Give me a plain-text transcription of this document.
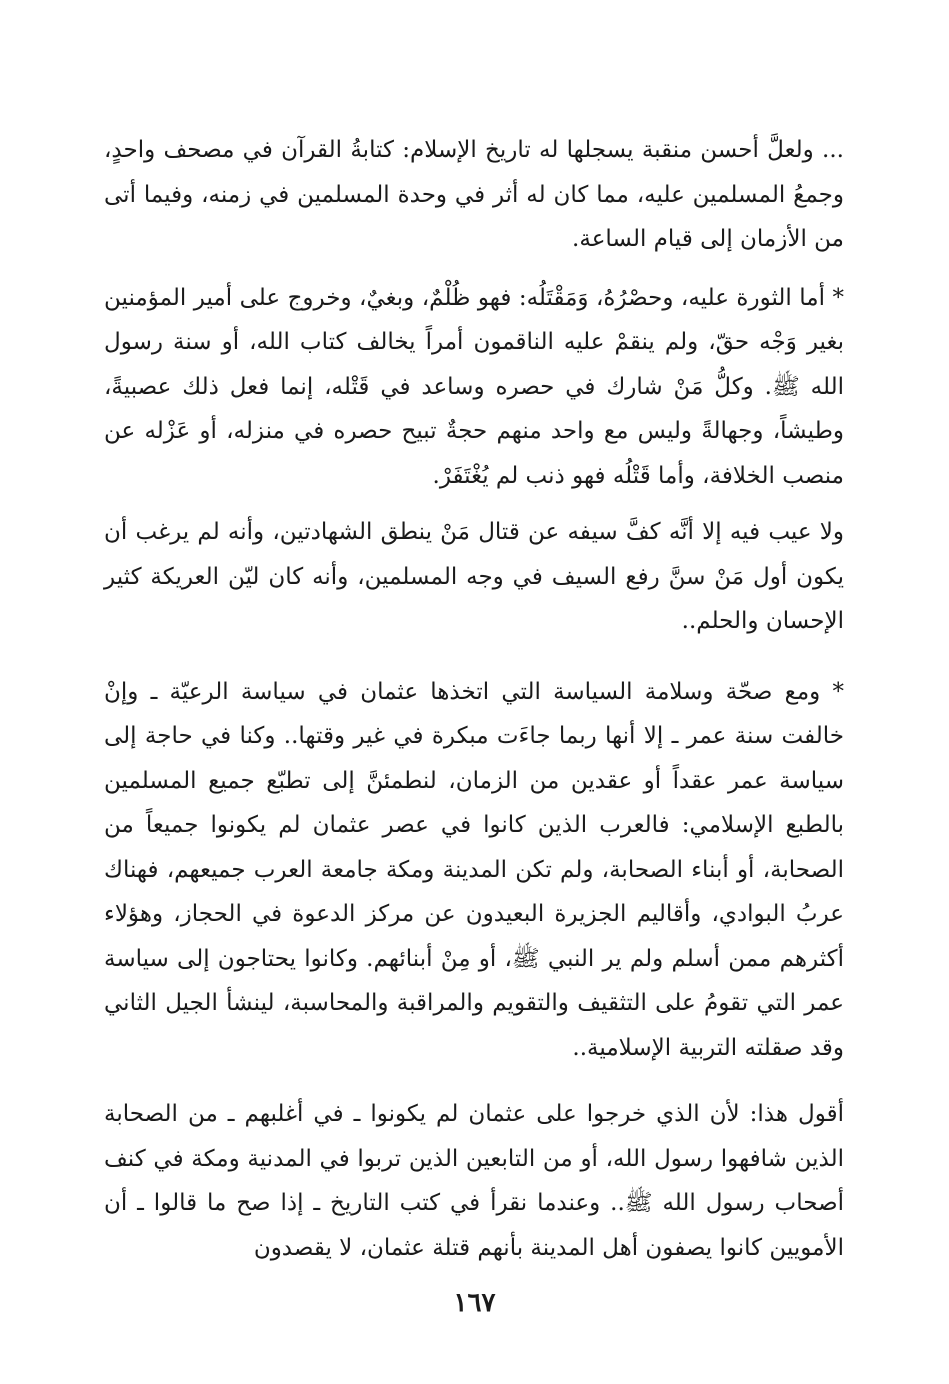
... ولعلَّ أحسن منقبة يسجلها له تاريخ الإسلام: كتابةُ القرآن في مصحف واحدٍ، وجمعُ المسلمين عليه، مما كان له أثر في وحدة المسلمين في زمنه، وفيما أتى من الأزمان إلى قيام الساعة.

* أما الثورة عليه، وحصْرُهُ، وَمَقْتَلُه: فهو ظُلْمٌ، وبغيٌ، وخروج على أمير المؤمنين بغير وَجْه حقّ، ولم ينقمْ عليه الناقمون أمراً يخالف كتاب الله، أو سنة رسول الله ﷺ. وكلُّ مَنْ شارك في حصره وساعد في قَتْله، إنما فعل ذلك عصبيةً، وطيشاً، وجهالةً وليس مع واحد منهم حجةٌ تبيح حصره في منزله، أو عَزْله عن منصب الخلافة، وأما قَتْلُه فهو ذنب لم يُغْتَفَرْ.

ولا عيب فيه إلا أنَّه كفَّ سيفه عن قتال مَنْ ينطق الشهادتين، وأنه لم يرغب أن يكون أول مَنْ سنَّ رفع السيف في وجه المسلمين، وأنه كان ليّن العريكة كثير الإحسان والحلم..

* ومع صحّة وسلامة السياسة التي اتخذها عثمان في سياسة الرعيّة ـ وإنْ خالفت سنة عمر ـ إلا أنها ربما جاءَت مبكرة في غير وقتها.. وكنا في حاجة إلى سياسة عمر عقداً أو عقدين من الزمان، لنطمئنَّ إلى تطبّع جميع المسلمين بالطبع الإسلامي: فالعرب الذين كانوا في عصر عثمان لم يكونوا جميعاً من الصحابة، أو أبناء الصحابة، ولم تكن المدينة ومكة جامعة العرب جميعهم، فهناك عربُ البوادي، وأقاليم الجزيرة البعيدون عن مركز الدعوة في الحجاز، وهؤلاء أكثرهم ممن أسلم ولم ير النبي ﷺ، أو مِنْ أبنائهم. وكانوا يحتاجون إلى سياسة عمر التي تقومُ على التثقيف والتقويم والمراقبة والمحاسبة، لينشأ الجيل الثاني وقد صقلته التربية الإسلامية..

أقول هذا: لأن الذي خرجوا على عثمان لم يكونوا ـ في أغلبهم ـ من الصحابة الذين شافهوا رسول الله، أو من التابعين الذين تربوا في المدنية ومكة في كنف أصحاب رسول الله ﷺ.. وعندما نقرأ في كتب التاريخ ـ إذا صح ما قالوا ـ أن الأمويين كانوا يصفون أهل المدينة بأنهم قتلة عثمان، لا يقصدون

١٦٧
